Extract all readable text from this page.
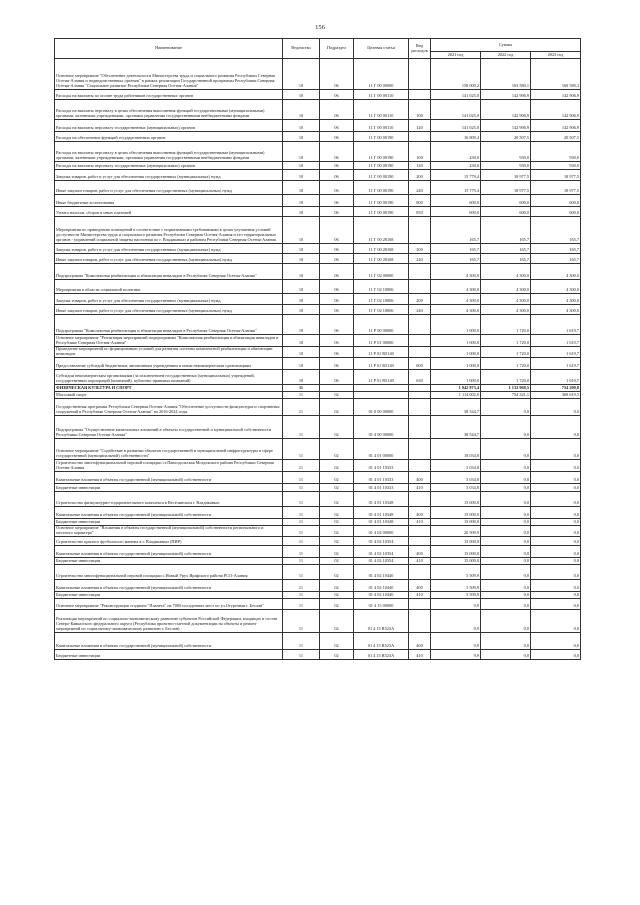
156
Наименование	Ведомство	Подраздел	Целевая статья	Вид расходов	Суммы		
					2021 год	2022 год	2023 год
Основное мероприятие "Обеспечение деятельности Министерства труда и социального развития Республики Северная Осетия-Алания и подведомственных органов" в рамках реализации Государственной программы Республики Северная Осетия-Алания "Социальное развитие Республики Северная Осетия-Алания"	10	06	11 Г 00 00000		158 000,2	163 580,1	169 580,3
Расходы на выплаты по оплате труда работников государственных органов	10	06	11 Г 00 00110		141 025,0	142 906,9	142 906,9
Расходы на выплаты персоналу в целях обеспечения выполнения функций государственными (муниципальными) органами, казенными учреждениями, органами управления государственными внебюджетными фондами	10	06	11 Г 00 00110	100	141 025,0	142 906,9	142 906,9
Расходы на выплаты персоналу государственных (муниципальных) органов	10	06	11 Г 00 00110	120	141 025,0	142 906,9	142 906,9
Расходы на обеспечение функций государственных органов	10	06	11 Г 00 00190		16 809,4	20 507,5	20 507,5
Расходы на выплаты персоналу в целях обеспечения выполнения функций государственными (муниципальными) органами, казенными учреждениями, органами управления государственными внебюджетными фондами	10	06	11 Г 00 00190	100	430,0	930,0	930,0
Расходы на выплаты персоналу государственных (муниципальных) органов	10	06	11 Г 00 00190	120	430,0	930,0	930,0
Закупка товаров, работ и услуг для обеспечения государственных (муниципальных) нужд	10	06	11 Г 00 00190	200	15 779,4	18 977,5	18 977,5
Иные закупки товаров, работ и услуг для обеспечения государственных (муниципальных) нужд	10	06	11 Г 00 00190	240	15 779,4	18 977,5	18 977,5
Иные бюджетные ассигнования	10	06	11 Г 00 00190	800	600,0	600,0	600,0
Уплата налогов, сборов и иных платежей	10	06	11 Г 00 00190	850	600,0	600,0	600,0
Мероприятия по приведению помещений в соответствие с нормативными требованиями в целях улучшения условий доступности Министерства труда и социального развития Республики Северная Осетия-Алания и его территориальных органов - управлений социальной защиты населения по г. Владикавказ и районам Республики Северная Осетия-Алания	10	06	11 Г 00 28168		165,7	165,7	165,7
Закупка товаров, работ и услуг для обеспечения государственных (муниципальных) нужд	10	06	11 Г 00 28168	200	165,7	165,7	165,7
Иные закупки товаров, работ и услуг для обеспечения государственных (муниципальных) нужд	10	06	11 Г 00 28168	240	165,7	165,7	165,7
Подпрограмма "Комплексная реабилитация и абилитация инвалидов в Республике Северная Осетия-Алания"	10	06	11 Г 02 00000		4 300,0	4 300,0	4 300,0
Мероприятия в области социальной политики	10	06	11 Г 02 10006		4 300,0	4 300,0	4 300,0
Закупка товаров, работ и услуг для обеспечения государственных (муниципальных) нужд	10	06	11 Г 02 10006	200	4 300,0	4 300,0	4 300,0
Иные закупки товаров, работ и услуг для обеспечения государственных (муниципальных) нужд	10	06	11 Г 02 10006	240	4 300,0	4 300,0	4 300,0
Подпрограмма "Комплексная реабилитация и абилитация инвалидов в Республике Северная Осетия-Алания"	10	06	11 Р 00 00000		1 000,0	1 720,0	1 619,7
Основное мероприятие "Реализация мероприятий подпрограммы "Комплексная реабилитация и абилитация инвалидов в Республике Северная Осетия-Алания"	10	06	11 Р 01 00000		1 000,0	1 720,0	1 619,7
Проведение мероприятий по формированию условий для развития системы комплексной реабилитации и абилитации инвалидов	10	06	11 Р 01 R5140		1 000,0	1 720,0	1 619,7
Предоставление субсидий бюджетным, автономным учреждениям и иным некоммерческим организациям	10	06	11 Р 01 R5140	600	1 000,0	1 720,0	1 619,7
Субсидии некоммерческим организациям (за исключением государственных (муниципальных) учреждений, государственных корпораций (компаний), публично-правовых компаний)	10	06	11 Р 01 R5140	630	1 000,0	1 720,0	1 619,7
ФИЗИЧЕСКАЯ КУЛЬТУРА И СПОРТ	11				1 942 873,4	1 132 968,5	754 200,8
Массовый спорт	11	02			1 114 002,0	754 321,1	368 619,5
Государственная программа Республики Северная Осетия-Алания "Обеспечение доступности физкультуры и спортивных сооружений в Республике Северная Осетия-Алания" на 2016-2024 годы	11	02	01 0 00 00000		38 544,7	0,0	0,0
Подпрограмма "Осуществление капитальных вложений в объекты государственной и муниципальной собственности Республики Северная Осетия-Алания"	11	02	01 4 00 00000		38 544,7	0,0	0,0
Основное мероприятие "Содействие в развитии объектов государственной и муниципальной инфраструктуры в сфере государственной (муниципальной) собственности"	11	02	01 4 01 00000		18 034,8	0,0	0,0
Строительство многофункциональной игровой площадки ст.Павлодольская Моздокского района Республики Северная Осетия-Алания	11	02	01 4 01 10333		3 034,8	0,0	0,0
Капитальные вложения в объекты государственной (муниципальной) собственности	11	02	01 4 01 10333	400	3 034,8	0,0	0,0
Бюджетные инвестиции	11	02	01 4 01 10333	410	3 034,8	0,0	0,0
Строительство физкультурно-оздоровительного комплекса в Весёлинском г. Владикавказ	11	02	01 4 01 10348		15 000,0	0,0	0,0
Капитальные вложения в объекты государственной (муниципальной) собственности	11	02	01 4 01 10348	400	15 000,0	0,0	0,0
Бюджетные инвестиции	11	02	01 4 01 10348	410	15 000,0	0,0	0,0
Основное мероприятие "Вложения в объекты государственной (муниципальной) собственности регионального и местного характера"	11	02	01 4 02 00000		20 509,9	0,0	0,0
Строительство крытого футбольного манежа в г. Владикавказ (ПИР)	11	02	01 4 02 10354		15 000,0	0,0	0,0
Капитальные вложения в объекты государственной (муниципальной) собственности	11	02	01 4 02 10354	400	15 000,0	0,0	0,0
Бюджетные инвестиции	11	02	01 4 02 10354	410	15 000,0	0,0	0,0
Строительство многофункциональной игровой площадки с.Новый Урух Ирафского района РСО-Алания	11	02	01 4 02 10440		5 509,9	0,0	0,0
Капитальные вложения в объекты государственной (муниципальной) собственности	11	02	01 4 02 10440	400	5 509,9	0,0	0,0
Бюджетные инвестиции	11	02	01 4 02 10440	410	5 509,9	0,0	0,0
Основное мероприятие "Реконструкция стадиона "Планета" на 7000 посадочных мест по ул.Огуречная г. Беслан"	11	02	01 4 15 00000		9,9	0,0	0,0
Реализация мероприятий по социально-экономическому развитию субъектов Российской Федерации, входящих в состав Северо-Кавказского федерального округа (Республика проектно-сметной документации на объекты и ремонт мероприятий по социальному-экономическому развитию г. Беслан)	11	02	01 4 15 R523A		9,9	0,0	0,0
Капитальные вложения в объекты государственной (муниципальной) собственности	11	02	01 4 15 R523A	400	9,9	0,0	0,0
Бюджетные инвестиции	11	02	01 4 15 R523A	410	9,9	0,0	0,0
